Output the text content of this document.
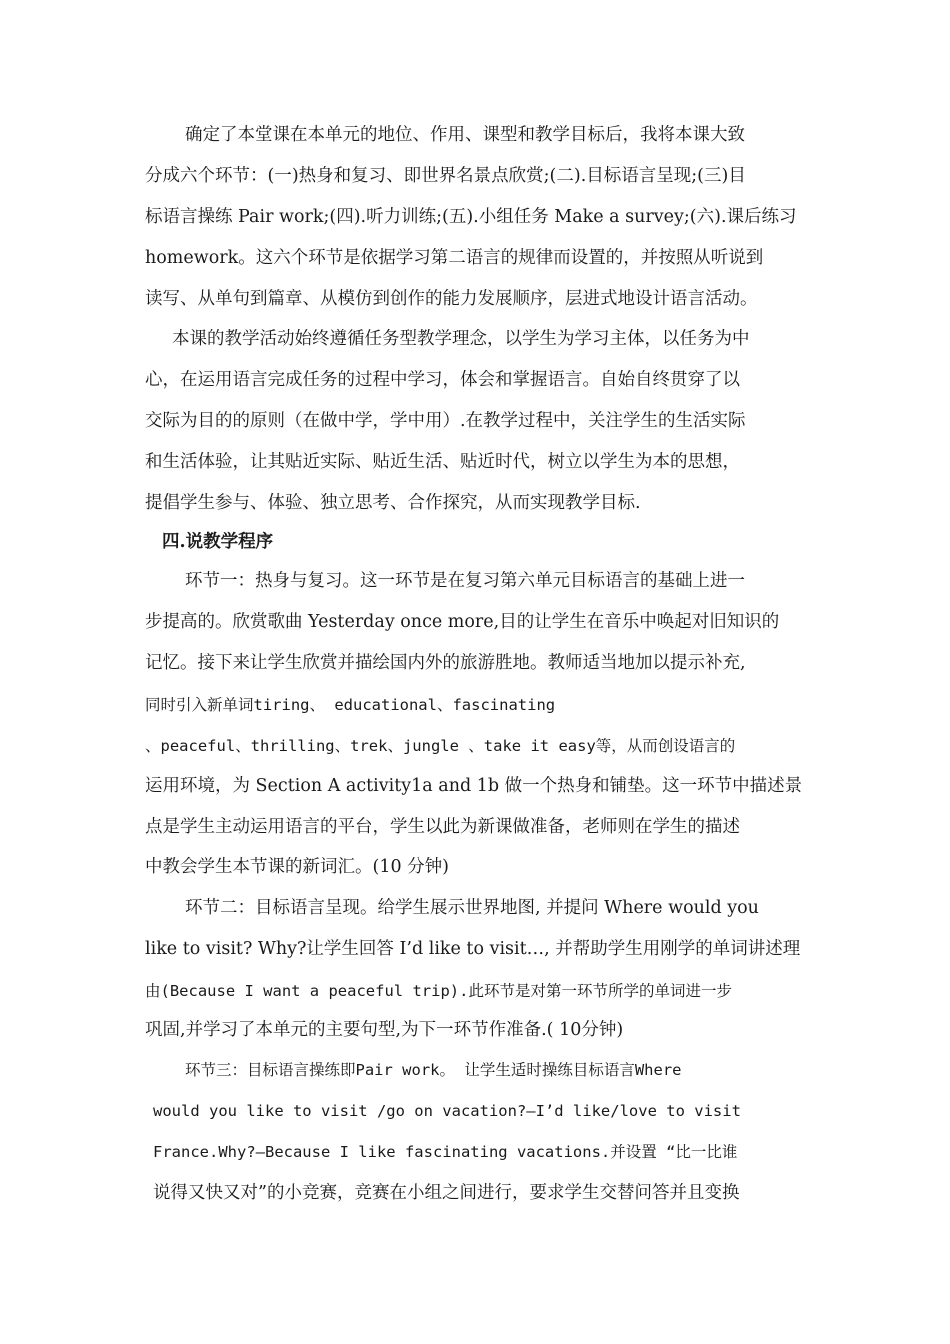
确定了本堂课在本单元的地位、作用、课型和教学目标后，我将本课大致
分成六个环节：(一)热身和复习、即世界名景点欣赏;(二).目标语言呈现;(三)目
标语言操练 Pair work;(四).听力训练;(五).小组任务 Make a survey;(六).课后练习
homework。这六个环节是依据学习第二语言的规律而设置的，并按照从听说到
读写、从单句到篇章、从模仿到创作的能力发展顺序，层进式地设计语言活动。
本课的教学活动始终遵循任务型教学理念，以学生为学习主体，以任务为中
心，在运用语言完成任务的过程中学习，体会和掌握语言。自始自终贯穿了以
交际为目的的原则（在做中学，学中用）.在教学过程中，关注学生的生活实际
和生活体验，让其贴近实际、贴近生活、贴近时代，树立以学生为本的思想，
提倡学生参与、体验、独立思考、合作探究，从而实现教学目标.
四.说教学程序
环节一：热身与复习。这一环节是在复习第六单元目标语言的基础上进一
步提高的。欣赏歌曲 Yesterday once more,目的让学生在音乐中唤起对旧知识的
记忆。接下来让学生欣赏并描绘国内外的旅游胜地。教师适当地加以提示补充,
同时引入新单词tiring、 educational、fascinating
、peaceful、thrilling、trek、jungle 、take it easy等，从而创设语言的
运用环境，为 Section A activity1a and 1b 做一个热身和铺垫。这一环节中描述景
点是学生主动运用语言的平台，学生以此为新课做准备，老师则在学生的描述
中教会学生本节课的新词汇。(10 分钟)
环节二：目标语言呈现。给学生展示世界地图, 并提问 Where would you
like to visit? Why?让学生回答 I’d like to visit…, 并帮助学生用刚学的单词讲述理
由(Because I want a peaceful trip).此环节是对第一环节所学的单词进一步
巩固,并学习了本单元的主要句型,为下一环节作准备.( 10分钟)
环节三：目标语言操练即Pair work。 让学生适时操练目标语言Where
would you like to visit /go on vacation?—I’d like/love to visit
France.Why?—Because I like fascinating vacations.并设置 “比一比谁
说得又快又对”的小竞赛，竞赛在小组之间进行，要求学生交替问答并且变换
